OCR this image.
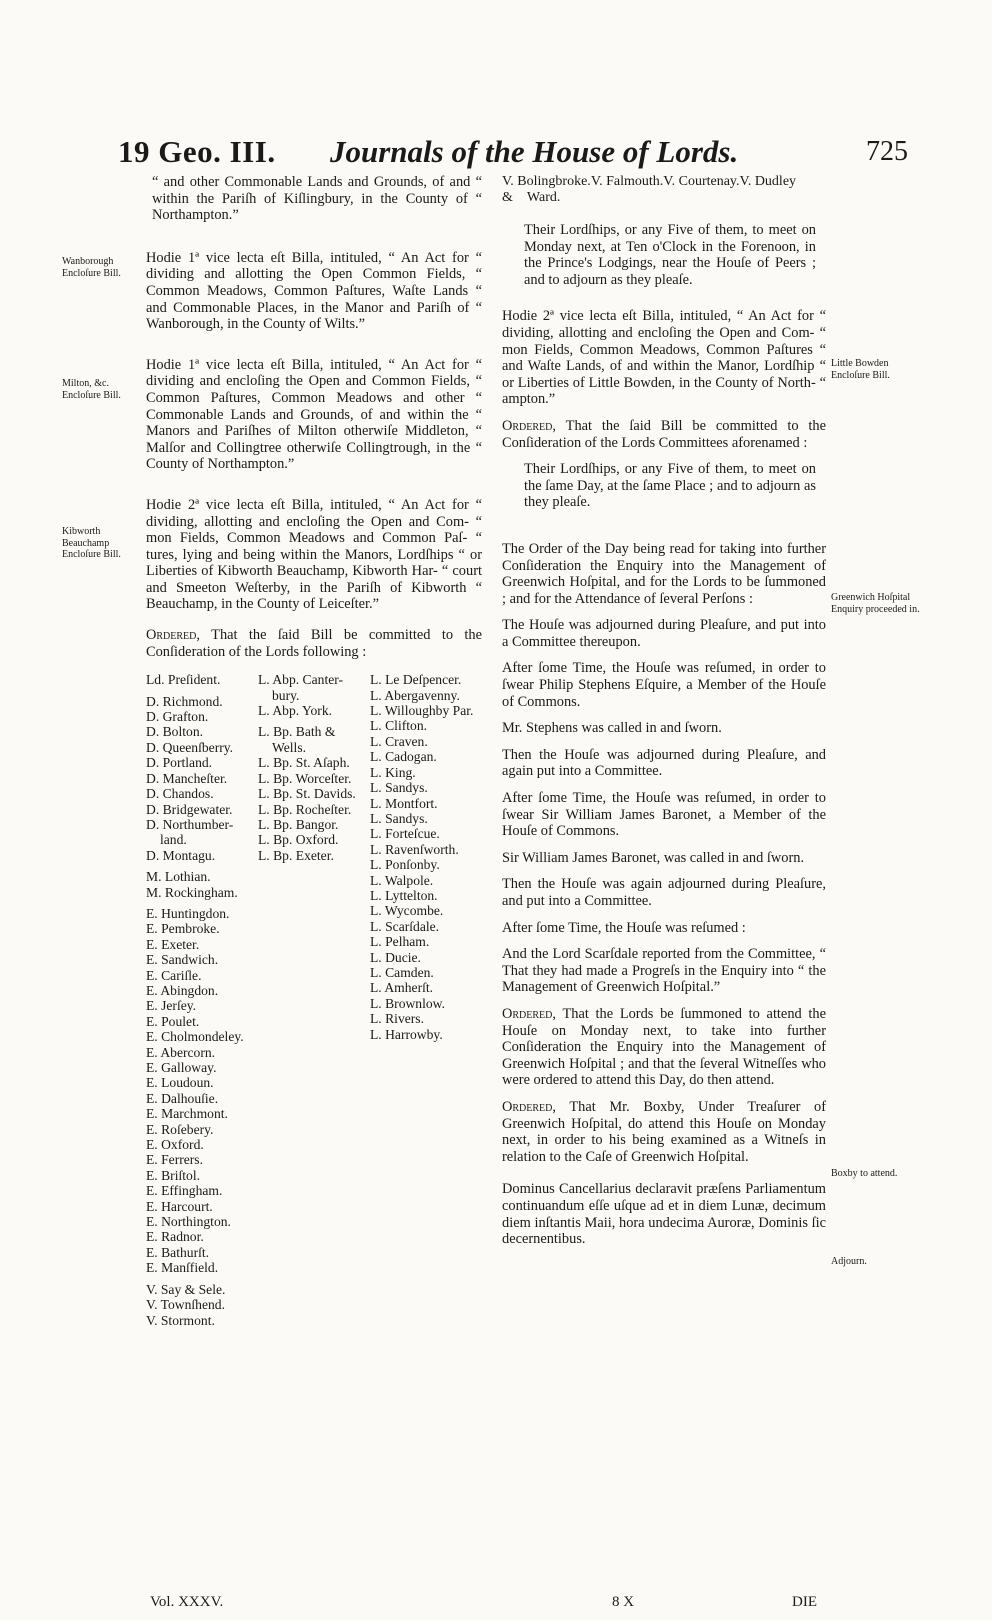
19 Geo. III. Journals of the House of Lords.	725
Wanborough Encloſure Bill.
Milton, &c. Encloſure Bill.
Kibworth Beauchamp Encloſure Bill.
Little Bowden Encloſure Bill.
Greenwich Hoſpital Enquiry proceeded in.
Boxby to attend.
Adjourn.

“ and other Commonable Lands and Grounds, of and “ within the Pariſh of Kiſlingbury, in the County of “ Northampton.”

Hodie 1ª vice lecta eſt Billa, intituled, “ An Act for “ dividing and allotting the Open Common Fields, “ Common Meadows, Common Paſtures, Waſte Lands “ and Commonable Places, in the Manor and Pariſh of “ Wanborough, in the County of Wilts.”

Hodie 1ª vice lecta eſt Billa, intituled, “ An Act for “ dividing and encloſing the Open and Common Fields, “ Common Paſtures, Common Meadows and other “ Commonable Lands and Grounds, of and within the “ Manors and Pariſhes of Milton otherwiſe Middleton, “ Malſor and Collingtree otherwiſe Collingtrough, in the “ County of Northampton.”

Hodie 2ª vice lecta eſt Billa, intituled, “ An Act for “ dividing, allotting and encloſing the Open and Com- “ mon Fields, Common Meadows and Common Paſ- “ tures, lying and being within the Manors, Lordſhips “ or Liberties of Kibworth Beauchamp, Kibworth Har- “ court and Smeeton Weſterby, in the Pariſh of Kibworth “ Beauchamp, in the County of Leiceſter.”

Ordered, That the ſaid Bill be committed to the Conſideration of the Lords following :

Ld. Preſident.
D. Richmond.
D. Grafton.
D. Bolton.
D. Queenſberry.
D. Portland.
D. Mancheſter.
D. Chandos.
D. Bridgewater.
D. Northumber-
land.
D. Montagu.
M. Lothian.
M. Rockingham.
E. Huntingdon.
E. Pembroke.
E. Exeter.
E. Sandwich.
E. Cariſle.
E. Abingdon.
E. Jerſey.
E. Poulet.
E. Cholmondeley.
E. Abercorn.
E. Galloway.
E. Loudoun.
E. Dalhouſie.
E. Marchmont.
E. Roſebery.
E. Oxford.
E. Ferrers.
E. Briſtol.
E. Effingham.
E. Harcourt.
E. Northington.
E. Radnor.
E. Bathurſt.
E. Manſfield.
V. Say & Sele.
V. Townſhend.
V. Stormont.
L. Abp. Canter-
bury.
L. Abp. York.
L. Bp. Bath &
Wells.
L. Bp. St. Aſaph.
L. Bp. Worceſter.
L. Bp. St. Davids.
L. Bp. Rocheſter.
L. Bp. Bangor.
L. Bp. Oxford.
L. Bp. Exeter.
L. Le Deſpencer.
L. Abergavenny.
L. Willoughby Par.
L. Clifton.
L. Craven.
L. Cadogan.
L. King.
L. Sandys.
L. Montfort.
L. Sandys.
L. Forteſcue.
L. Ravenſworth.
L. Ponſonby.
L. Walpole.
L. Lyttelton.
L. Wycombe.
L. Scarſdale.
L. Pelham.
L. Ducie.
L. Camden.
L. Amherſt.
L. Brownlow.
L. Rivers.
L. Harrowby.
Vol. XXXV.
V. Bolingbroke.V. Falmouth.V. Courtenay.V. Dudley & Ward.

Their Lordſhips, or any Five of them, to meet on Monday next, at Ten o'Clock in the Forenoon, in the Prince's Lodgings, near the Houſe of Peers ; and to adjourn as they pleaſe.

Hodie 2ª vice lecta eſt Billa, intituled, “ An Act for “ dividing, allotting and encloſing the Open and Com- “ mon Fields, Common Meadows, Common Paſtures “ and Waſte Lands, of and within the Manor, Lordſhip “ or Liberties of Little Bowden, in the County of North- “ ampton.”

Ordered, That the ſaid Bill be committed to the Conſideration of the Lords Committees aforenamed :

Their Lordſhips, or any Five of them, to meet on the ſame Day, at the ſame Place ; and to adjourn as they pleaſe.

The Order of the Day being read for taking into further Conſideration the Enquiry into the Management of Greenwich Hoſpital, and for the Lords to be ſummoned ; and for the Attendance of ſeveral Perſons :

The Houſe was adjourned during Pleaſure, and put into a Committee thereupon.

After ſome Time, the Houſe was reſumed, in order to ſwear Philip Stephens Eſquire, a Member of the Houſe of Commons.

Mr. Stephens was called in and ſworn.

Then the Houſe was adjourned during Pleaſure, and again put into a Committee.

After ſome Time, the Houſe was reſumed, in order to ſwear Sir William James Baronet, a Member of the Houſe of Commons.

Sir William James Baronet, was called in and ſworn.

Then the Houſe was again adjourned during Pleaſure, and put into a Committee.

After ſome Time, the Houſe was reſumed :

And the Lord Scarſdale reported from the Committee, “ That they had made a Progreſs in the Enquiry into “ the Management of Greenwich Hoſpital.”

Ordered, That the Lords be ſummoned to attend the Houſe on Monday next, to take into further Conſideration the Enquiry into the Management of Greenwich Hoſpital ; and that the ſeveral Witneſſes who were ordered to attend this Day, do then attend.

Ordered, That Mr. Boxby, Under Treaſurer of Greenwich Hoſpital, do attend this Houſe on Monday next, in order to his being examined as a Witneſs in relation to the Caſe of Greenwich Hoſpital.

Dominus Cancellarius declaravit præſens Parliamentum continuandum eſſe uſque ad et in diem Lunæ, decimum diem inſtantis Maii, hora undecima Auroræ, Dominis ſic decernentibus.

8 X	DIE
